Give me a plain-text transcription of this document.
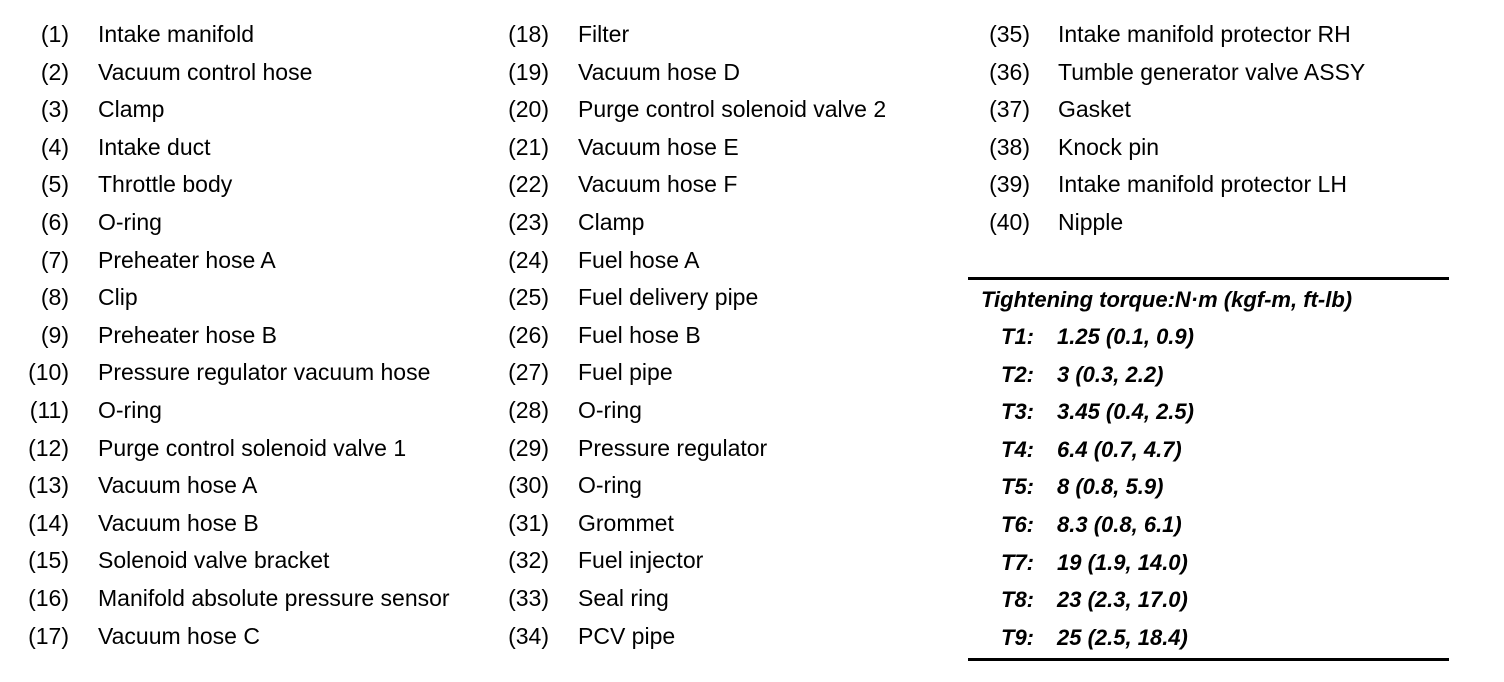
(1) Intake manifold
(2) Vacuum control hose
(3) Clamp
(4) Intake duct
(5) Throttle body
(6) O-ring
(7) Preheater hose A
(8) Clip
(9) Preheater hose B
(10) Pressure regulator vacuum hose
(11) O-ring
(12) Purge control solenoid valve 1
(13) Vacuum hose A
(14) Vacuum hose B
(15) Solenoid valve bracket
(16) Manifold absolute pressure sensor
(17) Vacuum hose C
(18) Filter
(19) Vacuum hose D
(20) Purge control solenoid valve 2
(21) Vacuum hose E
(22) Vacuum hose F
(23) Clamp
(24) Fuel hose A
(25) Fuel delivery pipe
(26) Fuel hose B
(27) Fuel pipe
(28) O-ring
(29) Pressure regulator
(30) O-ring
(31) Grommet
(32) Fuel injector
(33) Seal ring
(34) PCV pipe
(35) Intake manifold protector RH
(36) Tumble generator valve ASSY
(37) Gasket
(38) Knock pin
(39) Intake manifold protector LH
(40) Nipple
Tightening torque:N·m (kgf-m, ft-lb)
T1: 1.25 (0.1, 0.9)
T2: 3 (0.3, 2.2)
T3: 3.45 (0.4, 2.5)
T4: 6.4 (0.7, 4.7)
T5: 8 (0.8, 5.9)
T6: 8.3 (0.8, 6.1)
T7: 19 (1.9, 14.0)
T8: 23 (2.3, 17.0)
T9: 25 (2.5, 18.4)
